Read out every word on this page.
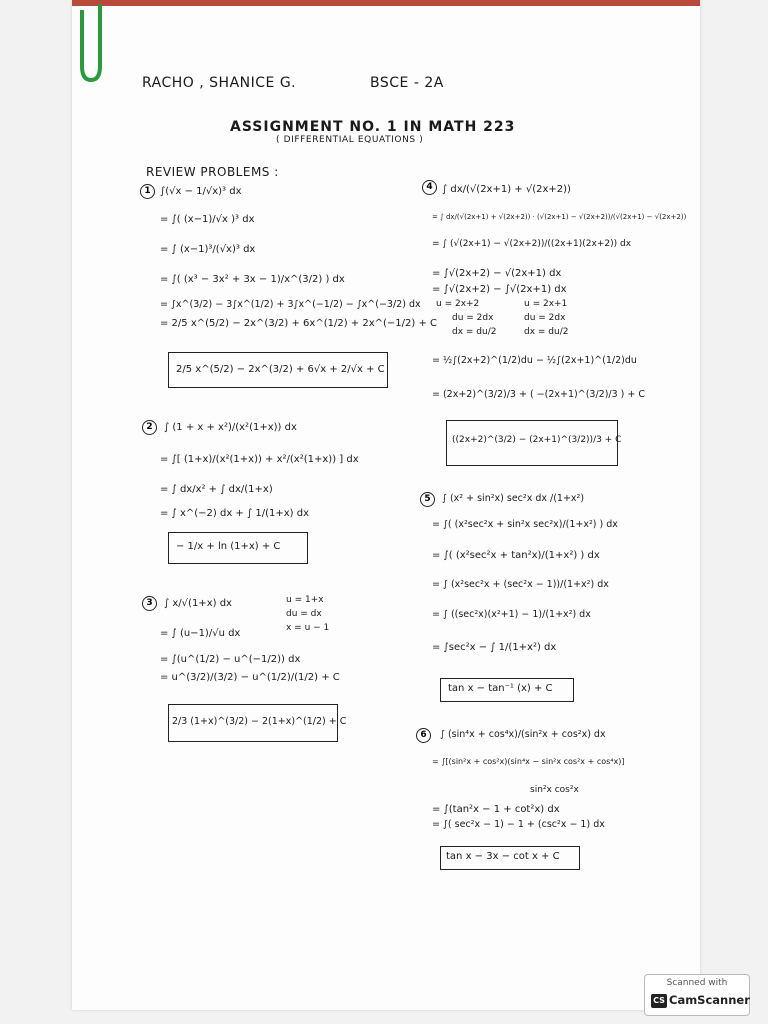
RACHO , SHANICE G.	BSCE - 2A
ASSIGNMENT NO. 1 IN MATH 223
( DIFFERENTIAL EQUATIONS )
REVIEW PROBLEMS :
1 ∫(√x − 1/√x)³ dx
= ∫( (x−1)/√x )³ dx
= ∫ (x−1)³/(√x)³ dx
= ∫( (x³ − 3x² + 3x − 1)/x^(3/2) ) dx
= ∫x^(3/2) − 3∫x^(1/2) + 3∫x^(−1/2) − ∫x^(−3/2) dx
= 2/5 x^(5/2) − 2x^(3/2) + 6x^(1/2) + 2x^(−1/2) + C
2/5 x^(5/2) − 2x^(3/2) + 6√x + 2/√x + C
2	∫ (1 + x + x²)/(x²(1+x)) dx
= ∫[ (1+x)/(x²(1+x)) + x²/(x²(1+x)) ] dx
= ∫ dx/x² + ∫ dx/(1+x)
= ∫ x^(−2) dx + ∫ 1/(1+x) dx
− 1/x + ln (1+x) + C
3	∫ x/√(1+x) dx	u = 1+x
du = dx
x = u − 1
= ∫ (u−1)/√u dx
= ∫(u^(1/2) − u^(−1/2)) dx
= u^(3/2)/(3/2) − u^(1/2)/(1/2) + C
2/3 (1+x)^(3/2) − 2(1+x)^(1/2) + C
4 ∫ dx/(√(2x+1) + √(2x+2))
= ∫ dx/(√(2x+1) + √(2x+2)) · (√(2x+1) − √(2x+2))/(√(2x+1) − √(2x+2))
= ∫ (√(2x+1) − √(2x+2))/((2x+1)(2x+2)) dx
= ∫√(2x+2) − √(2x+1) dx
= ∫√(2x+2) − ∫√(2x+1) dx
u = 2x+2	u = 2x+1
du = 2dx	du = 2dx
dx = du/2	dx = du/2
= ½∫(2x+2)^(1/2)du − ½∫(2x+1)^(1/2)du
= (2x+2)^(3/2)/3 + ( −(2x+1)^(3/2)/3 ) + C
((2x+2)^(3/2) − (2x+1)^(3/2))/3 + C
5	∫ (x² + sin²x) sec²x dx /(1+x²)
= ∫( (x²sec²x + sin²x sec²x)/(1+x²) ) dx
= ∫( (x²sec²x + tan²x)/(1+x²) ) dx
= ∫ (x²sec²x + (sec²x − 1))/(1+x²) dx
= ∫ ((sec²x)(x²+1) − 1)/(1+x²) dx
= ∫sec²x − ∫ 1/(1+x²) dx
tan x − tan⁻¹ (x) + C
6	∫ (sin⁴x + cos⁴x)/(sin²x + cos²x) dx
= ∫[(sin²x + cos²x)(sin⁴x − sin²x cos²x + cos⁴x)]
sin²x cos²x
= ∫(tan²x − 1 + cot²x) dx
= ∫( sec²x − 1) − 1 + (csc²x − 1) dx
tan x − 3x − cot x + C
Scanned with
CS CamScanner
